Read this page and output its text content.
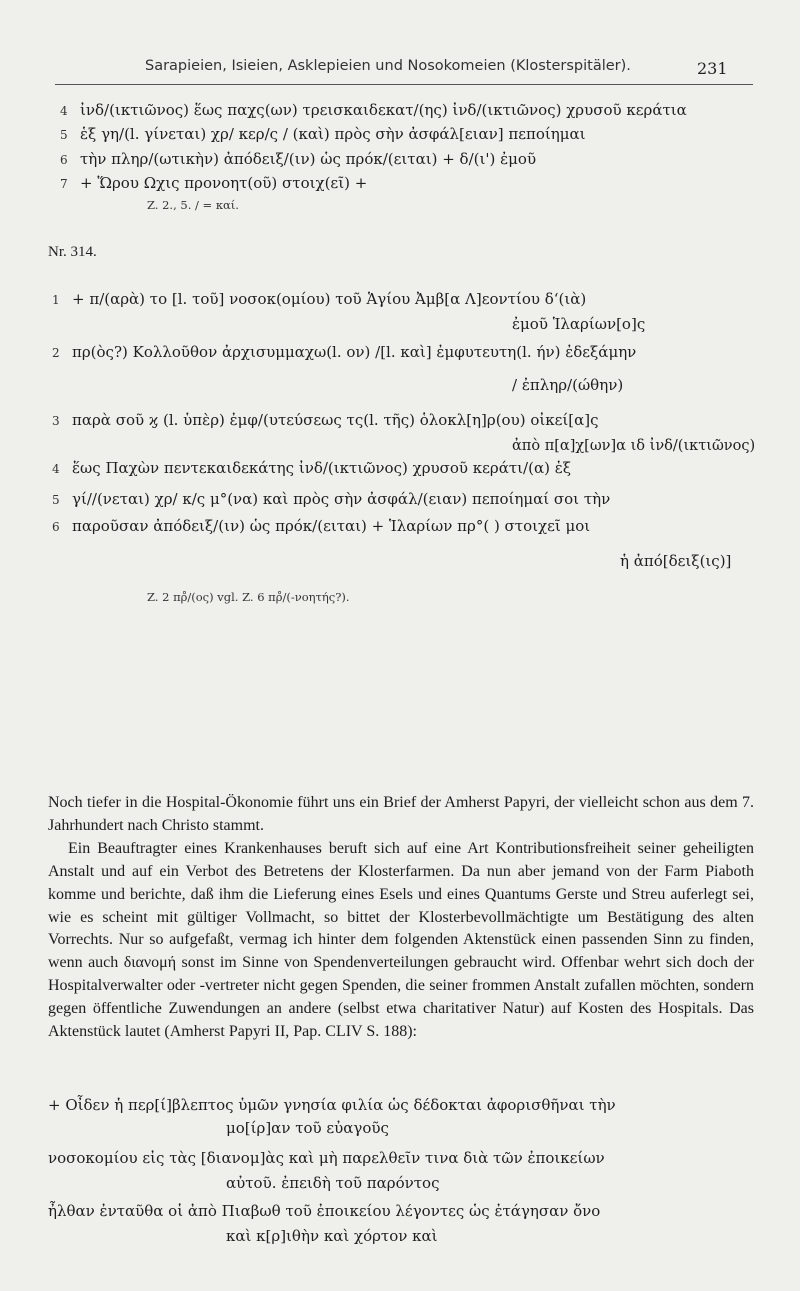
Sarapieien, Isieien, Asklepieien und Nosokomeien (Klosterspitäler).	231
4 ἰνδ/(ικτιῶνος) ἕως παχ̣ς(ων) τρεισκαιδεκατ/(ης) ἰνδ/(ικτιῶνος) χρυσοῦ κεράτια
5 ἑξ γη/(l. γίνεται) χρ/ κερ/ς / (καὶ) πρὸς σὴν ἀσφάλ[ειαν] πεποίημαι
6 τὴν πληρ/(ωτικὴν) ἀπόδειξ/(ιν) ὡς πρόκ/(ειται) + δ/(ι') ἐμοῦ
7 + Ὥρου Ωχις προνοητ(οῦ) στοιχ(εῖ) +
Z. 2., 5. / = καί.
Nr. 314.
1 + π/(αρὰ) το [l. τοῦ] νοσοκ(ομίου) τοῦ Ἁγίου Ἀμβ[α Λ]εοντίου δ‘(ιὰ)
ἐμοῦ Ἱλαρίων[ο]ς
2 πρ(ὸς?) Κολλοῦθον ἀρχισυμμαχω(l. ον) /[l. καὶ] ἐμφυτευτη(l. ήν) ἐδεξάμην
/ ἐπληρ/(ώθην)
3 παρὰ σοῦ ϗ (l. ὑπὲρ) ἐμφ/(υτεύσεως τς(l. τῆς) ὁλοκλ[η]ρ(ου) οἰκεί[α]ς
ἀπὸ π[α]χ[ων]α ιδ ἰνδ/(ικτιῶνος)
4 ἕως Παχὼν πεντεκαιδεκάτης ἰνδ/(ικτιῶνος) χρυσοῦ κεράτι/(α) ἑξ
5 γί//(νεται) χρ/ κ/ς μ°(να) καὶ πρὸς σὴν ἀσφάλ/(ειαν) πεποίημαί σοι τὴν
6 παροῦσαν ἀπόδειξ/(ιν) ὡς πρόκ/(ειται) + Ἱλαρίων πρ°( ) στοιχεῖ μοι
ἡ ἀπό[δειξ(ις)]
Z. 2 πρ̊/(ος) vgl. Z. 6 πρ̊/(-νοητής?).

Noch tiefer in die Hospital-Ökonomie führt uns ein Brief der Amherst Papyri, der vielleicht schon aus dem 7. Jahrhundert nach Christo stammt.

Ein Beauftragter eines Krankenhauses beruft sich auf eine Art Kontributionsfreiheit seiner geheiligten Anstalt und auf ein Verbot des Betretens der Klosterfarmen. Da nun aber jemand von der Farm Piaboth komme und berichte, daß ihm die Lieferung eines Esels und eines Quantums Gerste und Streu auferlegt sei, wie es scheint mit gültiger Vollmacht, so bittet der Klosterbevollmächtigte um Bestätigung des alten Vorrechts. Nur so aufgefaßt, vermag ich hinter dem folgenden Aktenstück einen passenden Sinn zu finden, wenn auch διανομή sonst im Sinne von Spendenverteilungen gebraucht wird. Offenbar wehrt sich doch der Hospitalverwalter oder -vertreter nicht gegen Spenden, die seiner frommen Anstalt zufallen möchten, sondern gegen öffentliche Zuwendungen an andere (selbst etwa charitativer Natur) auf Kosten des Hospitals. Das Aktenstück lautet (Amherst Papyri II, Pap. CLIV S. 188):

+ Οἶδεν ἡ περ[ί]βλεπτος ὑμῶν γνησία φιλία ὡς δέδοκται ἀφορισθῆναι τὴν
μο[ίρ]αν τοῦ εὐαγοῦς
νοσοκομίου εἰς τὰς [διανομ]ὰς καὶ μὴ παρελθεῖν τινα διὰ τῶν ἐποικείων
αὐτοῦ. ἐπειδὴ τοῦ παρόντος
ἦλθαν ἐνταῦθα οἱ ἀπὸ Πιαβωθ τοῦ ἐποικείου λέγοντες ὡς ἐτάγησαν ὄνο
καὶ κ[ρ]ιθὴν καὶ χόρτον καὶ
